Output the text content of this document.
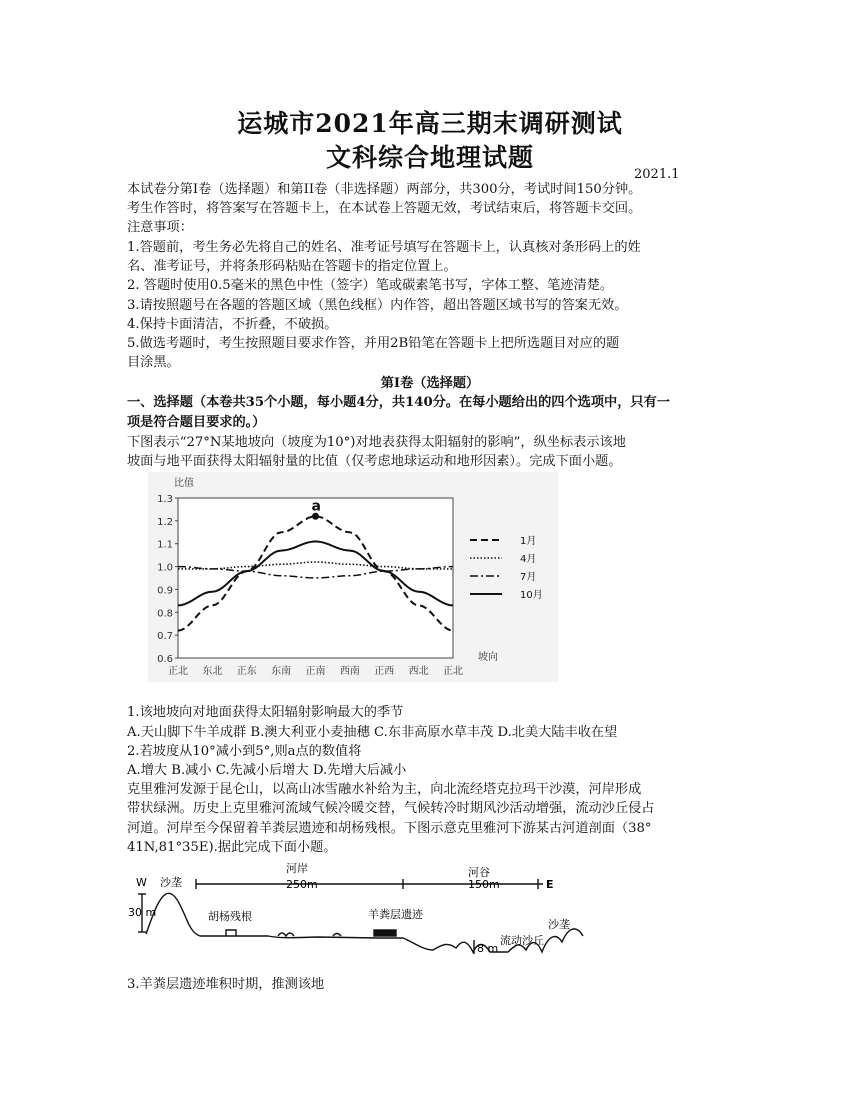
运城市2021年高三期末调研测试
文科综合地理试题
2021.1
本试卷分第I卷（选择题）和第II卷（非选择题）两部分，共300分，考试时间150分钟。
考生作答时，将答案写在答题卡上，在本试卷上答题无效，考试结束后，将答题卡交回。
注意事项：
1.答题前，考生务必先将自己的姓名、准考证号填写在答题卡上，认真核对条形码上的姓
名、准考证号，并将条形码粘贴在答题卡的指定位置上。
2. 答题时使用0.5毫米的黑色中性（签字）笔或碳素笔书写，字体工整、笔迹清楚。
3.请按照题号在各题的答题区域（黑色线框）内作答，超出答题区域书写的答案无效。
4.保持卡面清洁，不折叠，不破损。
5.做选考题时，考生按照题目要求作答，并用2B铅笔在答题卡上把所选题目对应的题
目涂黑。
第I卷（选择题）
一、选择题（本卷共35个小题，每小题4分，共140分。在每小题给出的四个选项中，只有一
项是符合题目要求的。）
下图表示“27°N某地坡向（坡度为10°)对地表获得太阳辐射的影响”，纵坐标表示该地
坡面与地平面获得太阳辐射量的比值（仅考虑地球运动和地形因素）。完成下面小题。
0.6
0.7
0.8
0.9
1.0
1.1
1.2
1.3
正北 东北 正东 东南 正南 西南 正西 西北 正北
比值
坡向
1月
4月
7月
10月
a
1.该地坡向对地面获得太阳辐射影响最大的季节
A.天山脚下牛羊成群 B.澳大利亚小麦抽穗 C.东非高原水草丰茂 D.北美大陆丰收在望
2.若坡度从10°减小到5°,则a点的数值将
A.增大 B.减小 C.先减小后增大 D.先增大后减小
克里雅河发源于昆仑山，以高山冰雪融水补给为主，向北流经塔克拉玛干沙漠，河岸形成
带状绿洲。历史上克里雅河流域气候冷暖交替，气候转冷时期风沙活动增强，流动沙丘侵占
河道。河岸至今保留着羊粪层遗迹和胡杨残根。下图示意克里雅河下游某古河道剖面（38°
41N,81°35E).据此完成下面小题。
W 沙垄
河岸
250m
河谷
150m	E
30 m	胡杨残根	羊粪层遗迹
8 m
流动沙丘
沙垄
3.羊粪层遗迹堆积时期，推测该地
